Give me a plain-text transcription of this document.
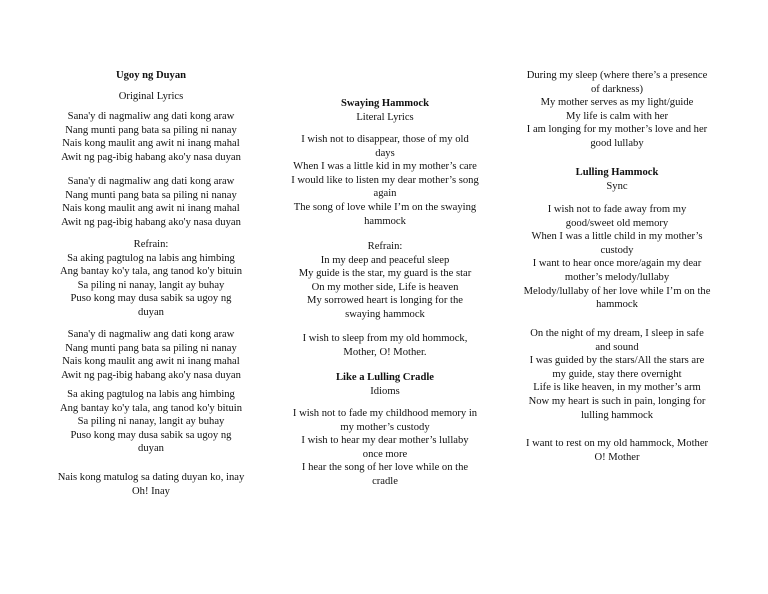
Ugoy ng Duyan
Original Lyrics
Sana'y di nagmaliw ang dati kong araw
Nang munti pang bata sa piling ni nanay
Nais kong maulit ang awit ni inang mahal
Awit ng pag-ibig habang ako'y nasa duyan
Sana'y di nagmaliw ang dati kong araw
Nang munti pang bata sa piling ni nanay
Nais kong maulit ang awit ni inang mahal
Awit ng pag-ibig habang ako'y nasa duyan
Refrain:
Sa aking pagtulog na labis ang himbing
Ang bantay ko'y tala, ang tanod ko'y bituin
Sa piling ni nanay, langit ay buhay
Puso kong may dusa sabik sa ugoy ng
duyan
Sana'y di nagmaliw ang dati kong araw
Nang munti pang bata sa piling ni nanay
Nais kong maulit ang awit ni inang mahal
Awit ng pag-ibig habang ako'y nasa duyan
Sa aking pagtulog na labis ang himbing
Ang bantay ko'y tala, ang tanod ko'y bituin
Sa piling ni nanay, langit ay buhay
Puso kong may dusa sabik sa ugoy ng
duyan
Nais kong matulog sa dating duyan ko, inay
Oh! Inay
Swaying Hammock
Literal Lyrics
I wish not to disappear, those of my old
days
When I was a little kid in my mother’s care
I would like to listen my dear mother’s song
again
The song of love while I’m on the swaying
hammock
Refrain:
In my deep and peaceful sleep
My guide is the star, my guard is the star
On my mother side, Life is heaven
My sorrowed heart is longing for the
swaying hammock
I wish to sleep from my old hommock,
Mother, O! Mother.
Like a Lulling Cradle
Idioms
I wish not to fade my childhood memory in
my mother’s custody
I wish to hear my dear mother’s lullaby
once more
I hear the song of her love while on the
cradle
During my sleep (where there’s a presence
of darkness)
My mother serves as my light/guide
My life is calm with her
I am longing for my mother’s love and her
good lullaby
Lulling Hammock
Sync
I wish not to fade away from my
good/sweet old memory
When I was a little child in my mother’s
custody
I want to hear once more/again my dear
mother’s melody/lullaby
Melody/lullaby of her love while I’m on the
hammock
On the night of my dream, I sleep in safe
and sound
I was guided by the stars/All the stars are
my guide, stay there overnight
Life is like heaven, in my mother’s arm
Now my heart is such in pain, longing for
lulling hammock
I want to rest on my old hammock, Mother
O! Mother
